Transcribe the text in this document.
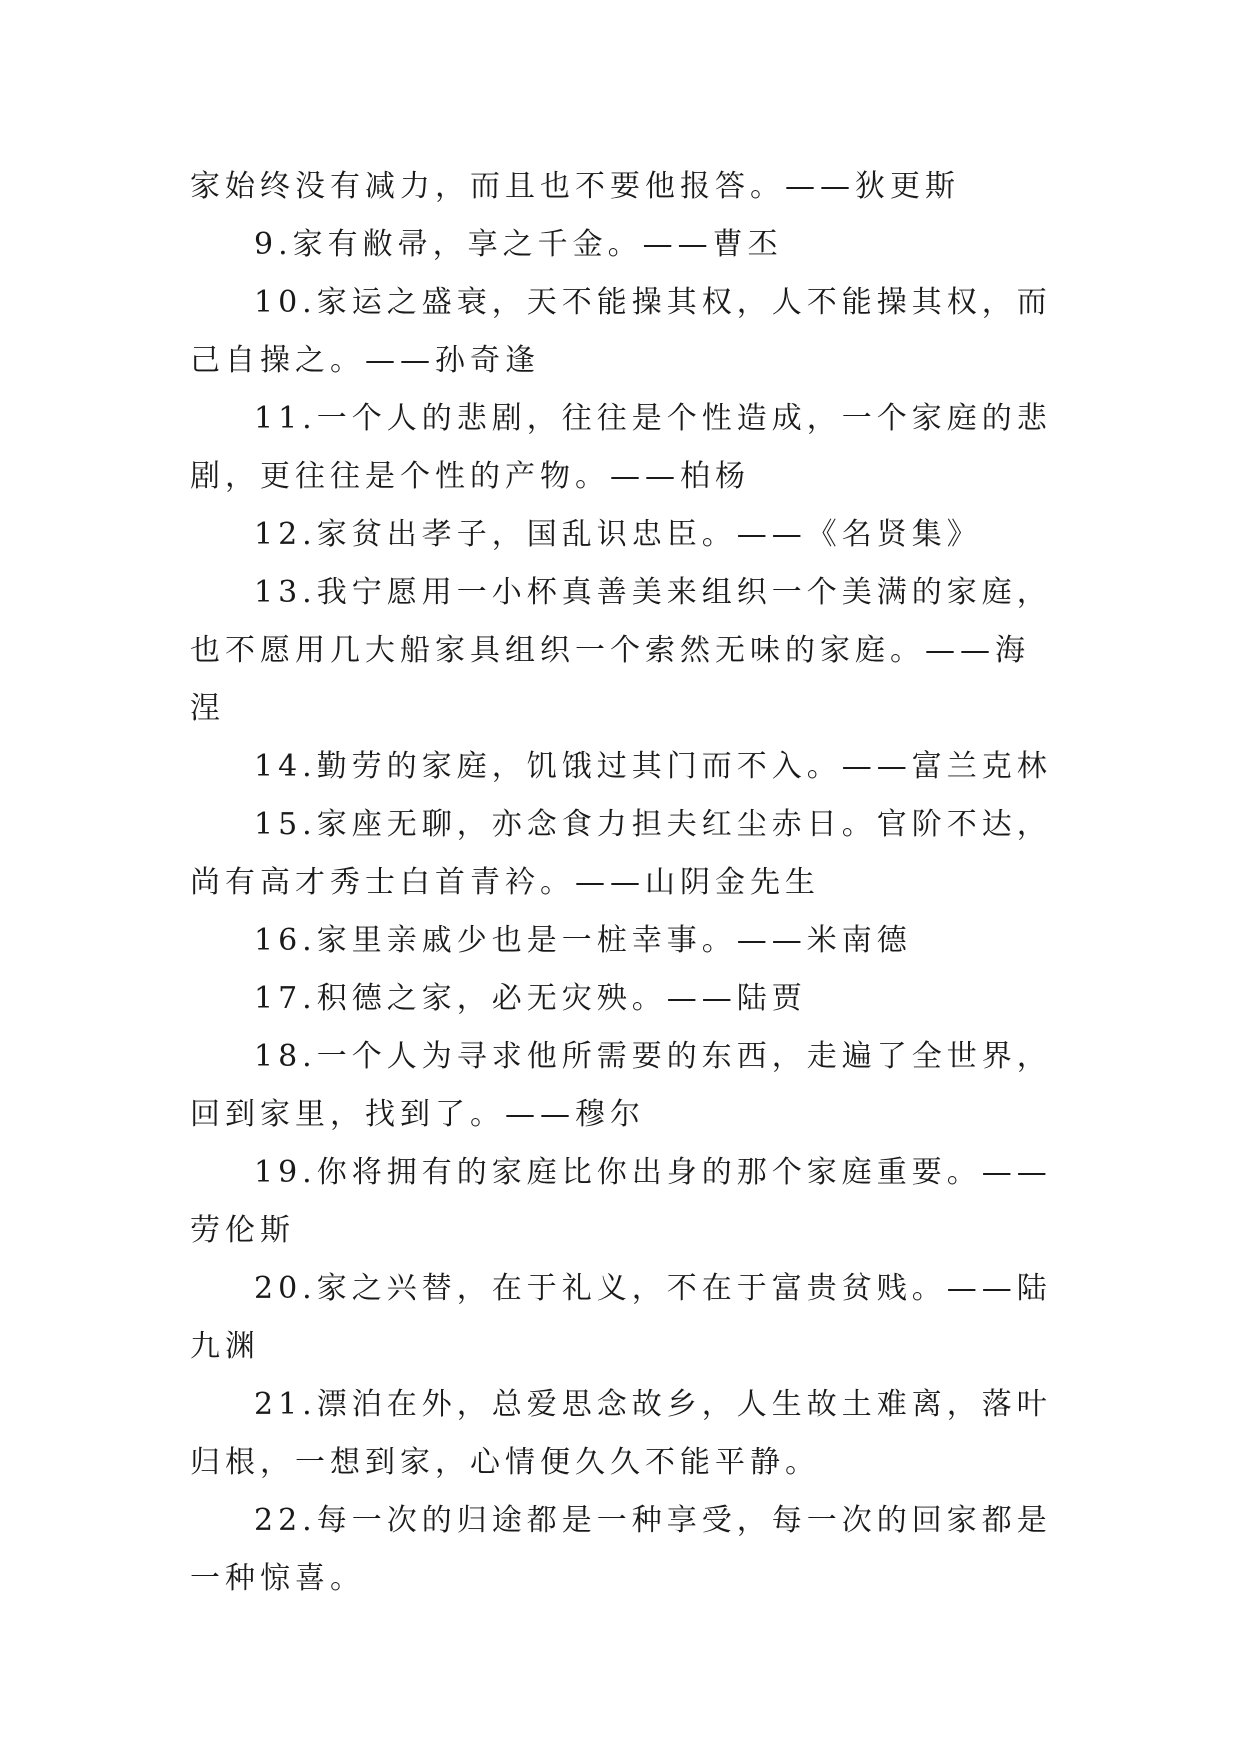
家始终没有减力，而且也不要他报答。——狄更斯

9.家有敝帚，享之千金。——曹丕

10.家运之盛衰，天不能操其权，人不能操其权，而己自操之。——孙奇逢

11.一个人的悲剧，往往是个性造成，一个家庭的悲剧，更往往是个性的产物。——柏杨

12.家贫出孝子，国乱识忠臣。——《名贤集》

13.我宁愿用一小杯真善美来组织一个美满的家庭，也不愿用几大船家具组织一个索然无味的家庭。——海涅

14.勤劳的家庭，饥饿过其门而不入。——富兰克林

15.家座无聊，亦念食力担夫红尘赤日。官阶不达，尚有高才秀士白首青衿。——山阴金先生

16.家里亲戚少也是一桩幸事。——米南德

17.积德之家，必无灾殃。——陆贾

18.一个人为寻求他所需要的东西，走遍了全世界，回到家里，找到了。——穆尔

19.你将拥有的家庭比你出身的那个家庭重要。——劳伦斯

20.家之兴替，在于礼义，不在于富贵贫贱。——陆九渊

21.漂泊在外，总爱思念故乡，人生故土难离，落叶归根，一想到家，心情便久久不能平静。

22.每一次的归途都是一种享受，每一次的回家都是一种惊喜。
